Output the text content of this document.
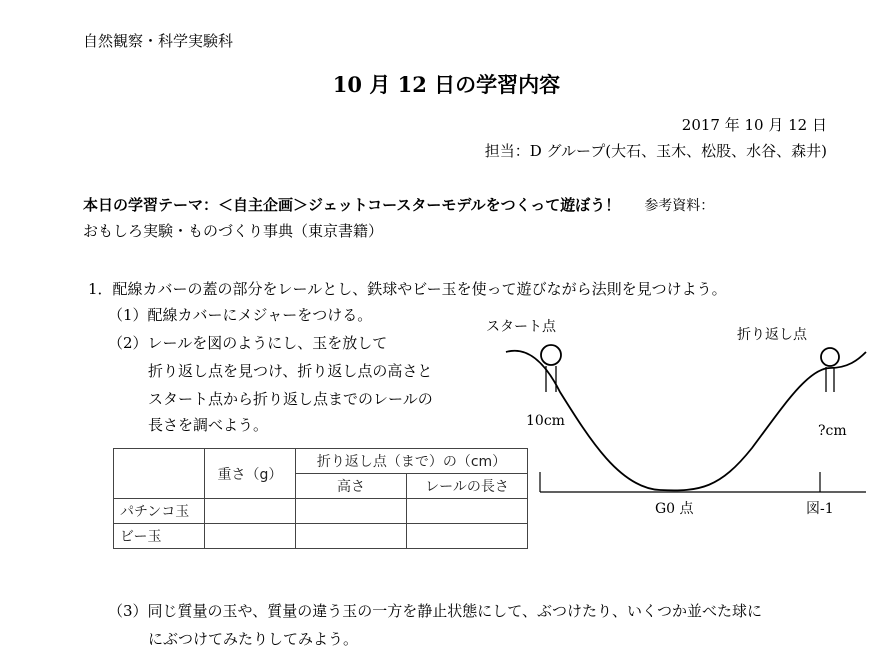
自然観察・科学実験科
10 月 12 日の学習内容
2017 年 10 月 12 日
担当：D グループ(大石、玉木、松股、水谷、森井)
本日の学習テーマ：＜自主企画＞ジェットコースターモデルをつくって遊ぼう！ 参考資料：
おもしろ実験・ものづくり事典（東京書籍）
1．配線カバーの蓋の部分をレールとし、鉄球やビー玉を使って遊びながら法則を見つけよう。
（1）配線カバーにメジャーをつける。
（2）レールを図のようにし、玉を放して
折り返し点を見つけ、折り返し点の高さと
スタート点から折り返し点までのレールの
長さを調べよう。
	重さ（g）	折り返し点（まで）の（cm）	
		高さ	レールの長さ
パチンコ玉			
ビー玉			
スタート点	折り返し点
10cm
?cm
G0 点	図-1
（3）同じ質量の玉や、質量の違う玉の一方を静止状態にして、ぶつけたり、いくつか並べた球に
にぶつけてみたりしてみよう。
